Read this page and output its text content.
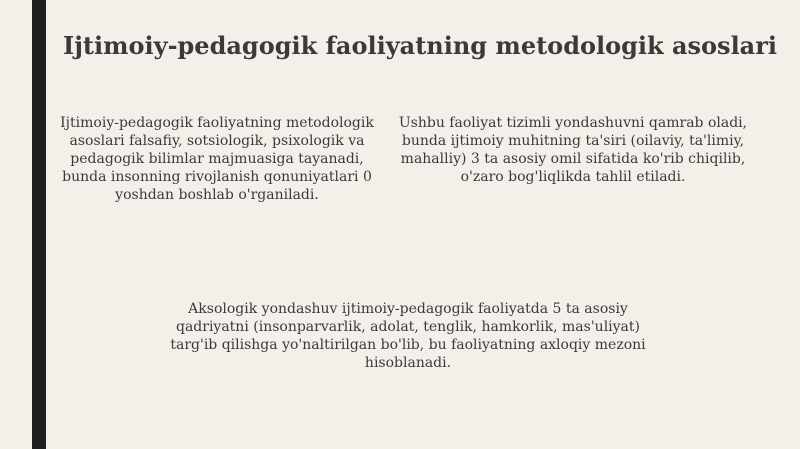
Ijtimoiy-pedagogik faoliyatning metodologik asoslari

Ijtimoiy-pedagogik faoliyatning metodologik asoslari falsafiy, sotsiologik, psixologik va pedagogik bilimlar majmuasiga tayanadi, bunda insonning rivojlanish qonuniyatlari 0 yoshdan boshlab o'rganiladi.

Ushbu faoliyat tizimli yondashuvni qamrab oladi, bunda ijtimoiy muhitning ta'siri (oilaviy, ta'limiy, mahalliy) 3 ta asosiy omil sifatida ko'rib chiqilib, o'zaro bog'liqlikda tahlil etiladi.

Aksologik yondashuv ijtimoiy-pedagogik faoliyatda 5 ta asosiy qadriyatni (insonparvarlik, adolat, tenglik, hamkorlik, mas'uliyat) targ'ib qilishga yo'naltirilgan bo'lib, bu faoliyatning axloqiy mezoni hisoblanadi.
